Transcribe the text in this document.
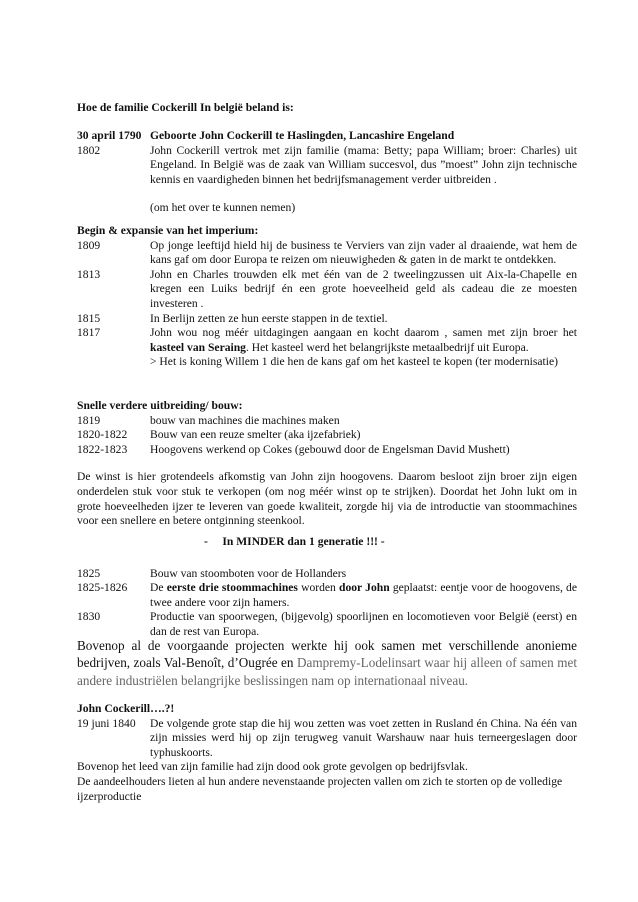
Hoe de familie Cockerill In belgië beland is:
30 april 1790 Geboorte John Cockerill te Haslingden, Lancashire Engeland
1802	John Cockerill vertrok met zijn familie (mama: Betty; papa William; broer: Charles) uit Engeland. In België was de zaak van William succesvol, dus ”moest” John zijn technische kennis en vaardigheden binnen het bedrijfsmanagement verder uitbreiden .
(om het over te kunnen nemen)
Begin & expansie van het imperium:
1809	Op jonge leeftijd hield hij de business te Verviers van zijn vader al draaiende, wat hem de kans gaf om door Europa te reizen om nieuwigheden & gaten in de markt te ontdekken.
1813	John en Charles trouwden elk met één van de 2 tweelingzussen uit Aix-la-Chapelle en kregen een Luiks bedrijf én een grote hoeveelheid geld als cadeau die ze moesten investeren .
1815	In Berlijn zetten ze hun eerste stappen in de textiel.
1817	John wou nog méér uitdagingen aangaan en kocht daarom , samen met zijn broer het kasteel van Seraing. Het kasteel werd het belangrijkste metaalbedrijf uit Europa.
> Het is koning Willem 1 die hen de kans gaf om het kasteel te kopen (ter modernisatie)
Snelle verdere uitbreiding/ bouw:
1819	bouw van machines die machines maken
1820-1822	Bouw van een reuze smelter (aka ijzefabriek)
1822-1823	Hoogovens werkend op Cokes (gebouwd door de Engelsman David Mushett)

De winst is hier grotendeels afkomstig van John zijn hoogovens. Daarom besloot zijn broer zijn eigen onderdelen stuk voor stuk te verkopen (om nog méér winst op te strijken). Doordat het John lukt om in grote hoeveelheden ijzer te leveren van goede kwaliteit, zorgde hij via de introductie van stoommachines voor een snellere en betere ontginning steenkool.

- In MINDER dan 1 generatie !!! -
1825	Bouw van stoomboten voor de Hollanders
1825-1826	De eerste drie stoommachines worden door John geplaatst: eentje voor de hoogovens, de twee andere voor zijn hamers.
1830	Productie van spoorwegen, (bijgevolg) spoorlijnen en locomotieven voor België (eerst) en dan de rest van Europa.
Bovenop al de voorgaande projecten werkte hij ook samen met verschillende anonieme bedrijven, zoals Val-Benoît, d’Ougrée en Dampremy-Lodelinsart waar hij alleen of samen met andere industriëlen belangrijke beslissingen nam op internationaal niveau.
John Cockerill….?!
19 juni 1840	De volgende grote stap die hij wou zetten was voet zetten in Rusland én China. Na één van zijn missies werd hij op zijn terugweg vanuit Warshauw naar huis terneergeslagen door typhuskoorts.

Bovenop het leed van zijn familie had zijn dood ook grote gevolgen op bedrijfsvlak.

De aandeelhouders lieten al hun andere nevenstaande projecten vallen om zich te storten op de volledige ijzerproductie
